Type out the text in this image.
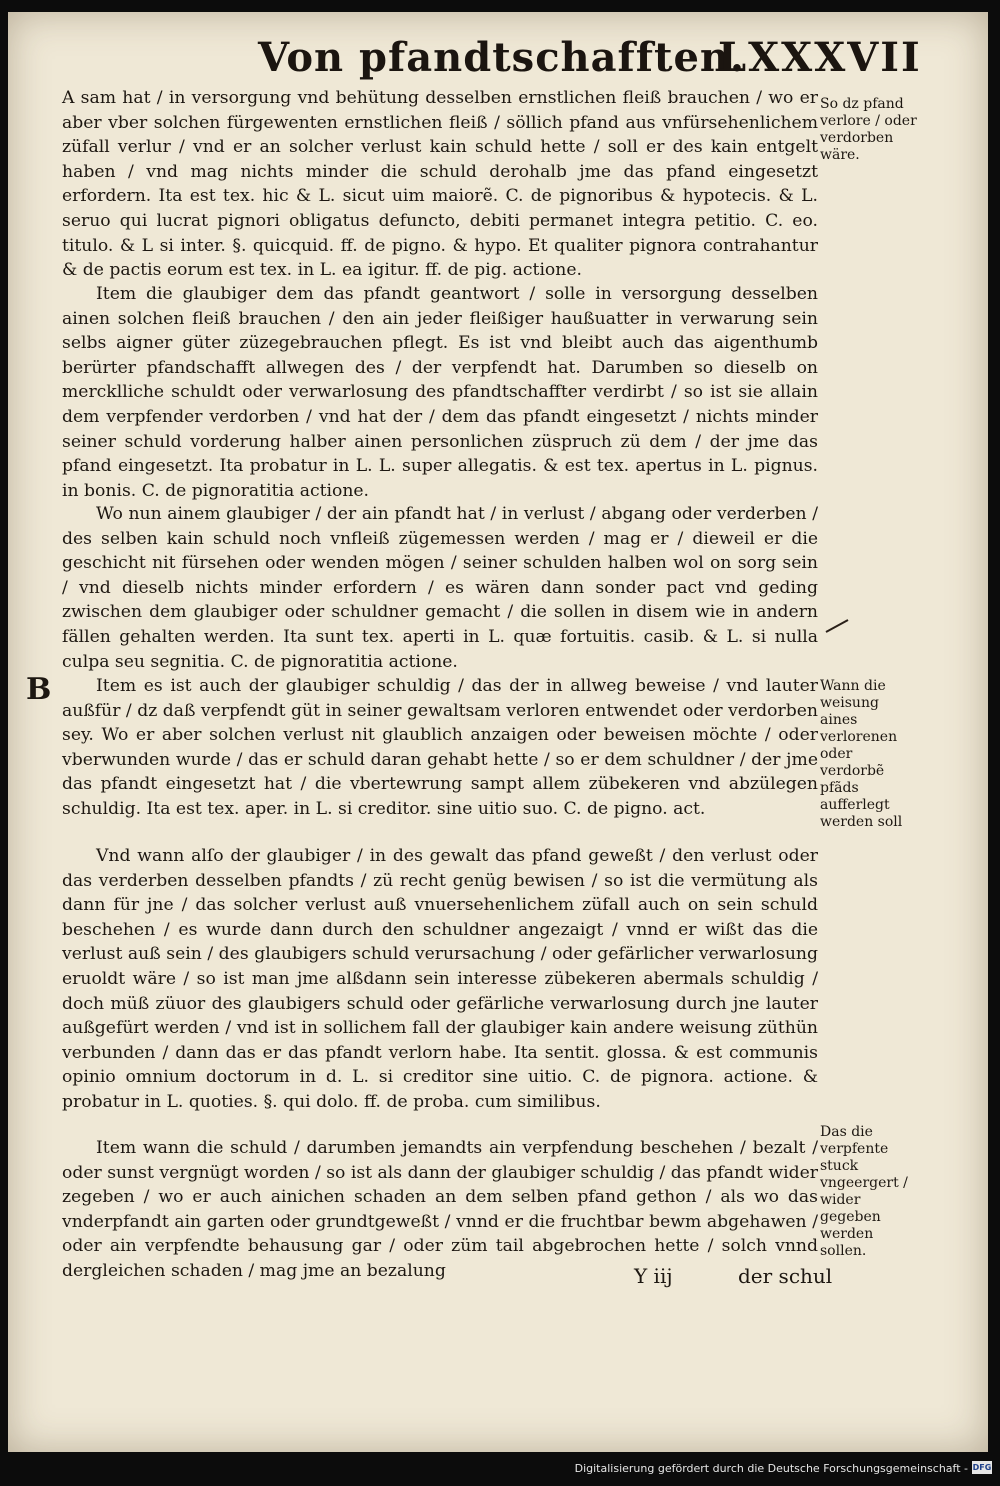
Von pfandtschafften.
LXXXVII

A sam hat / in versorgung vnd behütung desselben ernstlichen fleiß brauchen / wo er aber vber solchen fürgewenten ernstlichen fleiß / söllich pfand aus vnfürsehenlichem züfall verlur / vnd er an solcher verlust kain schuld hette / soll er des kain entgelt haben / vnd mag nichts minder die schuld derohalb jme das pfand eingesetzt erfordern. Ita est tex. hic & L. sicut uim maiorẽ. C. de pignoribus & hypotecis. & L. seruo qui lucrat pignori obligatus defuncto, debiti permanet integra petitio. C. eo. titulo. & L si inter. §. quicquid. ff. de pigno. & hypo. Et qualiter pignora contrahantur & de pactis eorum est tex. in L. ea igitur. ff. de pig. actione.

Item die glaubiger dem das pfandt geantwort / solle in versorgung desselben ainen solchen fleiß brauchen / den ain jeder fleißiger haußuatter in verwarung sein selbs aigner güter züzegebrauchen pflegt. Es ist vnd bleibt auch das aigenthumb berürter pfandschafft allwegen des / der verpfendt hat. Darumben so dieselb on mercklliche schuldt oder verwarlosung des pfandtschaffter verdirbt / so ist sie allain dem verpfender verdorben / vnd hat der / dem das pfandt eingesetzt / nichts minder seiner schuld vorderung halber ainen personlichen züspruch zü dem / der jme das pfand eingesetzt. Ita probatur in L. L. super allegatis. & est tex. apertus in L. pignus. in bonis. C. de pignoratitia actione.

Wo nun ainem glaubiger / der ain pfandt hat / in verlust / abgang oder verderben / des selben kain schuld noch vnfleiß zügemessen werden / mag er / dieweil er die geschicht nit fürsehen oder wenden mögen / seiner schulden halben wol on sorg sein / vnd dieselb nichts minder erfordern / es wären dann sonder pact vnd geding zwischen dem glaubiger oder schuldner gemacht / die sollen in disem wie in andern fällen gehalten werden. Ita sunt tex. aperti in L. quæ fortuitis. casib. & L. si nulla culpa seu segnitia. C. de pignoratitia actione.

B	Item es ist auch der glaubiger schuldig / das der in allweg beweise / vnd lauter außfür / dz daß verpfendt güt in seiner gewaltsam verloren entwendet oder verdorben sey. Wo er aber solchen verlust nit glaublich anzaigen oder beweisen möchte / oder vberwunden wurde / das er schuld daran gehabt hette / so er dem schuldner / der jme das pfandt eingesetzt hat / die vbertewrung sampt allem zübekeren vnd abzülegen schuldig. Ita est tex. aper. in L. si creditor. sine uitio suo. C. de pigno. act.

Vnd wann alſo der glaubiger / in des gewalt das pfand geweßt / den verlust oder das verderben desselben pfandts / zü recht genüg bewisen / so ist die vermütung als dann für jne / das solcher verlust auß vnuersehenlichem züfall auch on sein schuld beschehen / es wurde dann durch den schuldner angezaigt / vnnd er wißt das die verlust auß sein / des glaubigers schuld verursachung / oder gefärlicher verwarlosung eruoldt wäre / so ist man jme alßdann sein interesse zübekeren abermals schuldig / doch müß züuor des glaubigers schuld oder gefärliche verwarlosung durch jne lauter außgefürt werden / vnd ist in sollichem fall der glaubiger kain andere weisung züthün verbunden / dann das er das pfandt verlorn habe. Ita sentit. glossa. & est communis opinio omnium doctorum in d. L. si creditor sine uitio. C. de pignora. actione. & probatur in L. quoties. §. qui dolo. ff. de proba. cum similibus.

Item wann die schuld / darumben jemandts ain verpfendung beschehen / bezalt / oder sunst vergnügt worden / so ist als dann der glaubiger schuldig / das pfandt wider zegeben / wo er auch ainichen schaden an dem selben pfand gethon / als wo das vnderpfandt ain garten oder grundtgeweßt / vnnd er die fruchtbar bewm abgehawen / oder ain verpfendte behausung gar / oder züm tail abgebrochen hette / solch vnnd dergleichen schaden / mag jme an bezalung

So dz pfand verlore / oder verdorben wäre.

Wann die weisung aines verlorenen oder verdorbẽ pfãds aufferlegt werden soll

Das die verpfente stuck vngeergert / wider gegeben werden sollen.

Y iij	der schul
Digitalisierung gefördert durch die Deutsche Forschungsgemeinschaft - DFG
